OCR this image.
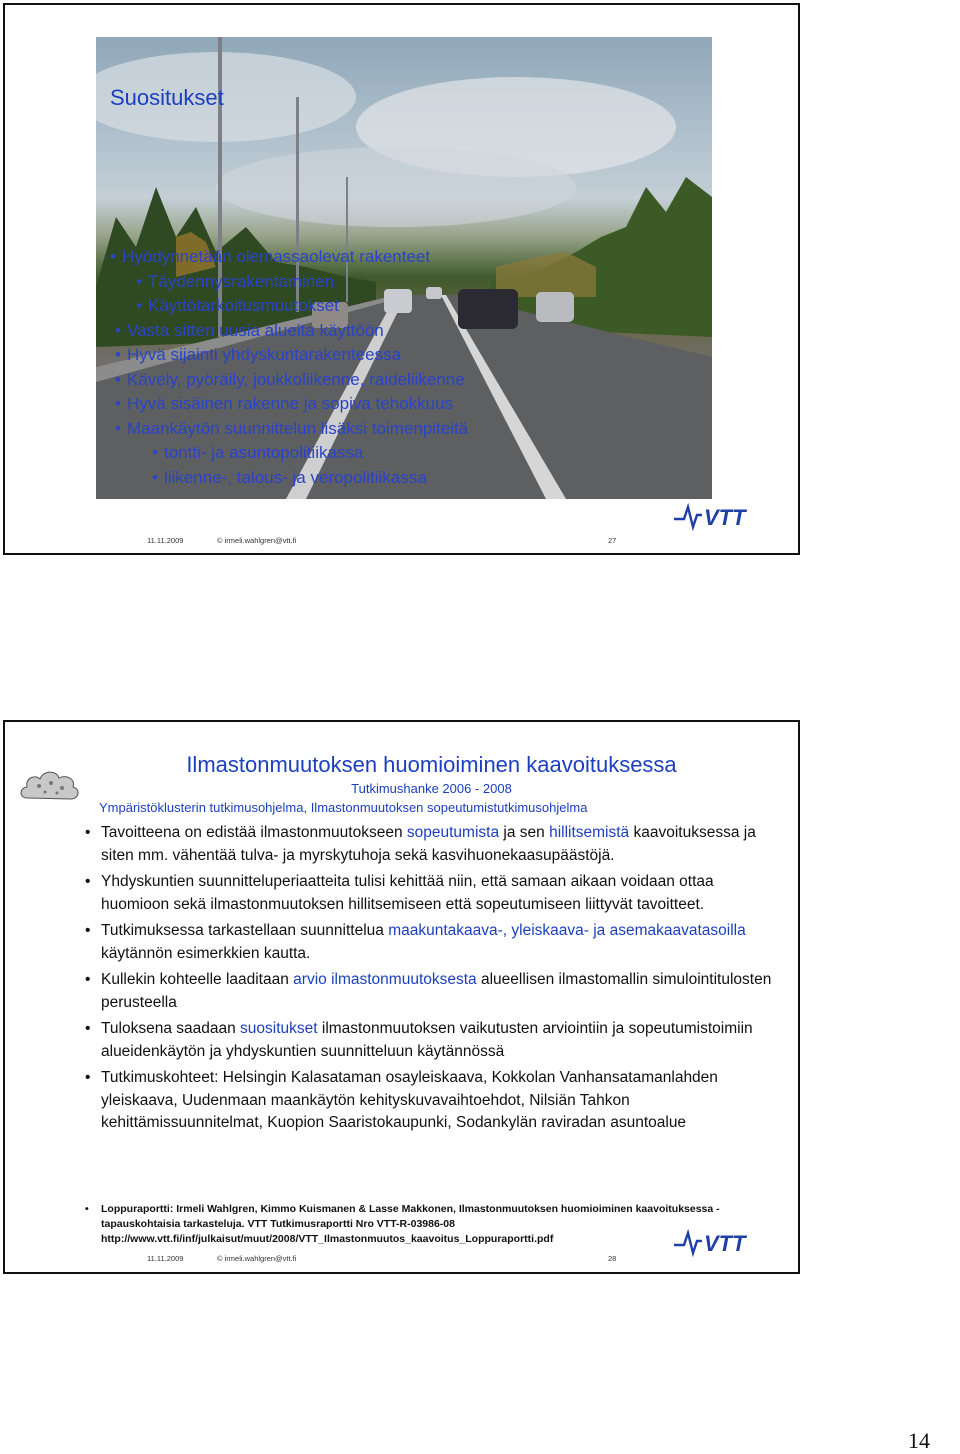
Suositukset
• Hyödynnetään olemassaolevat rakenteet
• Täydennysrakentaminen
• Käyttötarkoitusmuutokset
• Vasta sitten uusia alueita käyttöön
• Hyvä sijainti yhdyskuntarakenteessa
• Kävely, pyöräily, joukkoliikenne, raideliikenne
• Hyvä sisäinen rakenne ja sopiva tehokkuus
• Maankäytön suunnittelun lisäksi toimenpiteitä
• tontti- ja asuntopolitiikassa
• liikenne-, talous- ja veropolitiikassa
11.11.2009	© irmeli.wahlgren@vtt.fi	27
VTT
Ilmastonmuutoksen huomioiminen kaavoituksessa
Tutkimushanke 2006 - 2008
Ympäristöklusterin tutkimusohjelma, Ilmastonmuutoksen sopeutumistutkimusohjelma
• Tavoitteena on edistää ilmastonmuutokseen sopeutumista ja sen hillitsemistä kaavoituksessa ja siten mm. vähentää tulva- ja myrskytuhoja sekä kasvihuonekaasupäästöjä.
• Yhdyskuntien suunnitteluperiaatteita tulisi kehittää niin, että samaan aikaan voidaan ottaa huomioon sekä ilmastonmuutoksen hillitsemiseen että sopeutumiseen liittyvät tavoitteet.
• Tutkimuksessa tarkastellaan suunnittelua maakuntakaava-, yleiskaava- ja asemakaavatasoilla käytännön esimerkkien kautta.
• Kullekin kohteelle laaditaan arvio ilmastonmuutoksesta alueellisen ilmastomallin simulointitulosten perusteella
• Tuloksena saadaan suositukset ilmastonmuutoksen vaikutusten arviointiin ja sopeutumistoimiin alueidenkäytön ja yhdyskuntien suunnitteluun käytännössä
• Tutkimuskohteet: Helsingin Kalasataman osayleiskaava, Kokkolan Vanhansatamanlahden yleiskaava, Uudenmaan maankäytön kehityskuvavaihtoehdot, Nilsiän Tahkon kehittämissuunnitelmat, Kuopion Saaristokaupunki, Sodankylän raviradan asuntoalue
• Loppuraportti: Irmeli Wahlgren, Kimmo Kuismanen & Lasse Makkonen, Ilmastonmuutoksen huomioiminen kaavoituksessa - tapauskohtaisia tarkasteluja. VTT Tutkimusraportti Nro VTT-R-03986-08 http://www.vtt.fi/inf/julkaisut/muut/2008/VTT_Ilmastonmuutos_kaavoitus_Loppuraportti.pdf
11.11.2009	© irmeli.wahlgren@vtt.fi	28
VTT
14
